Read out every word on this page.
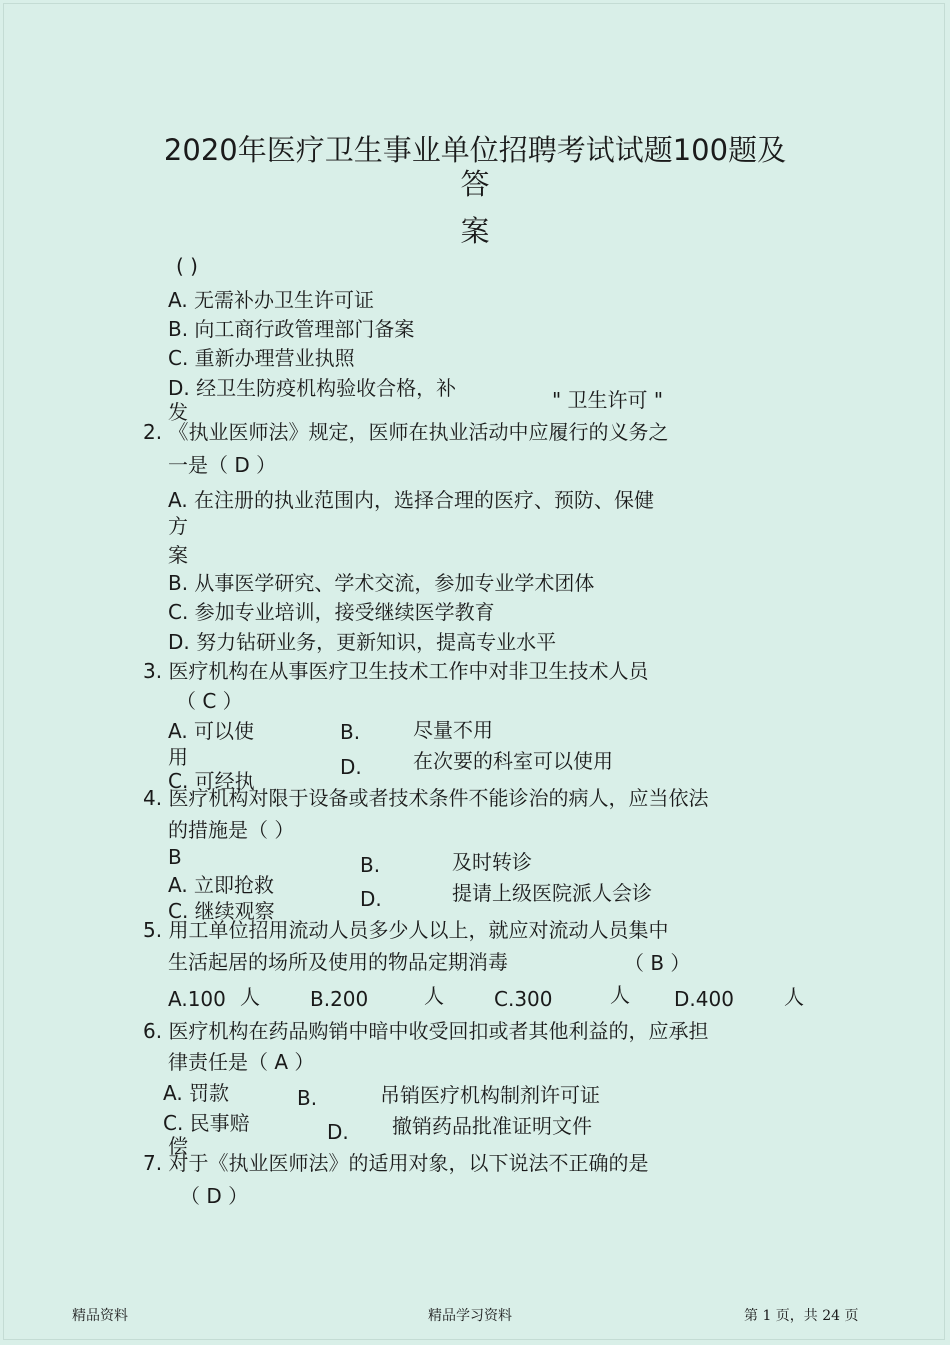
2020年医疗卫生事业单位招聘考试试题100题及
答
案
( )
A. 无需补办卫生许可证
B. 向工商行政管理部门备案
C. 重新办理营业执照
D. 经卫生防疫机构验收合格，补
发	" 卫生许可 "
2. 《执业医师法》规定，医师在执业活动中应履行的义务之
一是（ D ）
A. 在注册的执业范围内，选择合理的医疗、预防、保健
方
案
B. 从事医学研究、学术交流，参加专业学术团体
C. 参加专业培训，接受继续医学教育
D. 努力钻研业务，更新知识，提高专业水平
3. 医疗机构在从事医疗卫生技术工作中对非卫生技术人员
（ C ）
A. 可以使
用
C. 可经执
B.	尽量不用
D.	在次要的科室可以使用
4. 医疗机构对限于设备或者技术条件不能诊治的病人，应当依法
的措施是（ ）
B
A. 立即抢救
C. 继续观察
B.	及时转诊
D.	提请上级医院派人会诊
5. 用工单位招用流动人员多少人以上，就应对流动人员集中
生活起居的场所及使用的物品定期消毒	（ B ）
A.100 人	B.200	人	C.300	人 D.400	人
6. 医疗机构在药品购销中暗中收受回扣或者其他利益的，应承担
律责任是（ A ）
A. 罚款
C. 民事赔
偿
B.	吊销医疗机构制剂许可证
D. 撤销药品批准证明文件
7. 对于《执业医师法》的适用对象，以下说法不正确的是
（ D ）
精品资料	精品学习资料	第 1 页，共 24 页
